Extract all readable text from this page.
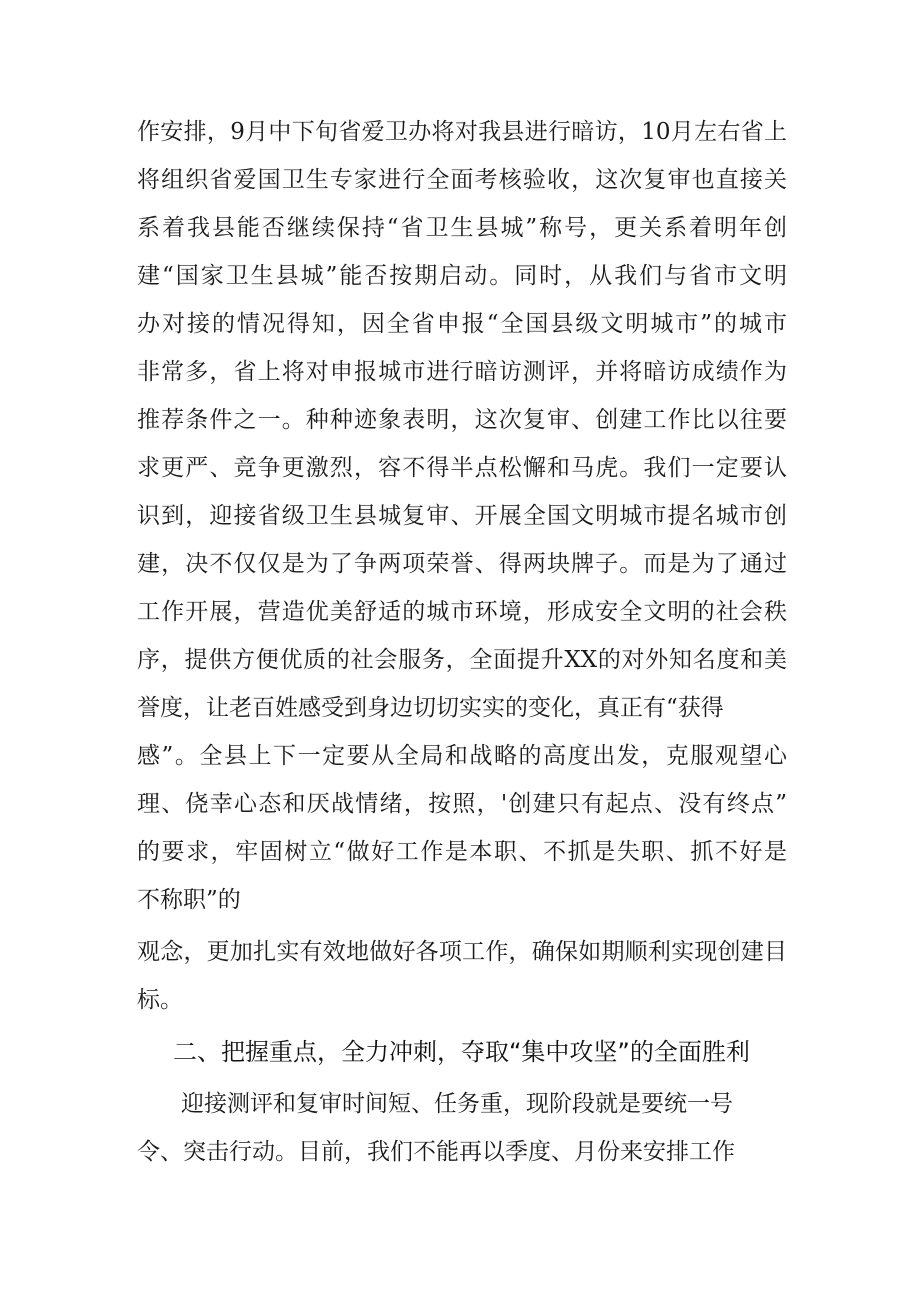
作安排，9月中下旬省爱卫办将对我县进行暗访，10月左右省上
将组织省爱国卫生专家进行全面考核验收，这次复审也直接关
系着我县能否继续保持“省卫生县城”称号，更关系着明年创
建“国家卫生县城”能否按期启动。同时，从我们与省市文明
办对接的情况得知，因全省申报“全国县级文明城市”的城市
非常多，省上将对申报城市进行暗访测评，并将暗访成绩作为
推荐条件之一。种种迹象表明，这次复审、创建工作比以往要
求更严、竞争更激烈，容不得半点松懈和马虎。我们一定要认
识到，迎接省级卫生县城复审、开展全国文明城市提名城市创
建，决不仅仅是为了争两项荣誉、得两块牌子。而是为了通过
工作开展，营造优美舒适的城市环境，形成安全文明的社会秩
序，提供方便优质的社会服务，全面提升XX的对外知名度和美
誉度，让老百姓感受到身边切切实实的变化，真正有“获得
感”。全县上下一定要从全局和战略的高度出发，克服观望心
理、侥幸心态和厌战情绪，按照，'创建只有起点、没有终点”
的要求，牢固树立“做好工作是本职、不抓是失职、抓不好是
不称职”的
观念，更加扎实有效地做好各项工作，确保如期顺利实现创建目
标。
二、把握重点，全力冲刺，夺取“集中攻坚”的全面胜利
迎接测评和复审时间短、任务重，现阶段就是要统一号
令、突击行动。目前，我们不能再以季度、月份来安排工作
